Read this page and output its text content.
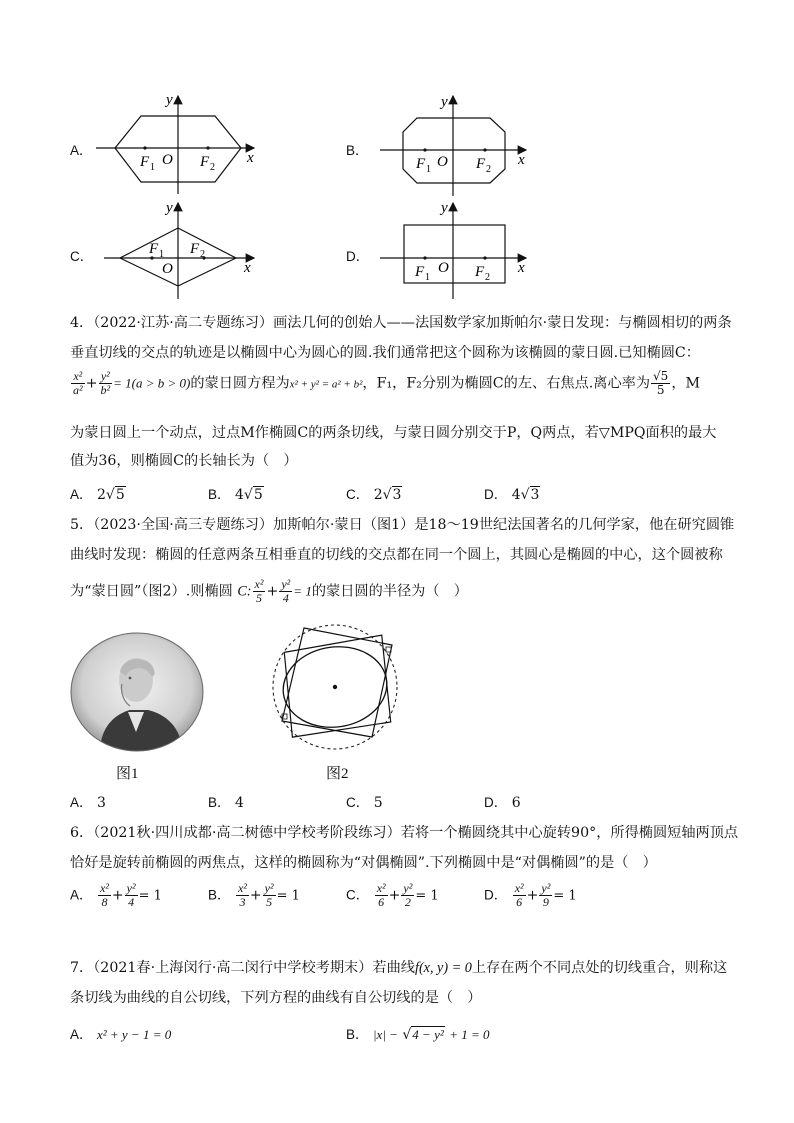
A．
y
x
O
F 1	F 2
B．
y
x
O
F 1	F 2
C．
y
x
O
F 1 F 2	D．
y
x
O
F 1	F 2
4．（2022·江苏·高二专题练习）画法几何的创始人——法国数学家加斯帕尔·蒙日发现：与椭圆相切的两条
垂直切线的交点的轨迹是以椭圆中心为圆心的圆.我们通常把这个圆称为该椭圆的蒙日圆.已知椭圆C：
$\frac{\text{x²}}{\text{a²}} + \frac{\text{y²}}{\text{b²}} = 1(a > b > 0)$的蒙日圆方程为x² + y² = a² + b²，F₁，F₂分别为椭圆C的左、右焦点.离心率为 $\frac{√5}{5}$ ，M
为蒙日圆上一个动点，过点M作椭圆C的两条切线，与蒙日圆分别交于P，Q两点，若▽MPQ面积的最大
值为36，则椭圆C的长轴长为（　）
A． 2√5	B． 4√5	C． 2√3	D． 4√3
5．（2023·全国·高三专题练习）加斯帕尔·蒙日（图1）是18～19世纪法国著名的几何学家，他在研究圆锥
曲线时发现：椭圆的任意两条互相垂直的切线的交点都在同一个圆上，其圆心是椭圆的中心，这个圆被称
为“蒙日圆”（图2）.则椭圆 C: $\frac{\text{x²}}{5} + \frac{\text{y²}}{4} = 1$的蒙日圆的半径为（　）
图1	图2
A． 3	B． 4	C． 5	D． 6
6．（2021秋·四川成都·高二树德中学校考阶段练习）若将一个椭圆绕其中心旋转90°，所得椭圆短轴两顶点
恰好是旋转前椭圆的两焦点，这样的椭圆称为“对偶椭圆”.下列椭圆中是“对偶椭圆”的是（　）
A． $\frac{\text{x²}}{8} + \frac{\text{y²}}{4} = 1$	B． $\frac{\text{x²}}{3} + \frac{\text{y²}}{5} = 1$	C． $\frac{\text{x²}}{6} + \frac{\text{y²}}{2} = 1$	D． $\frac{\text{x²}}{6} + \frac{\text{y²}}{9} = 1$
7．（2021春·上海闵行·高二闵行中学校考期末）若曲线f(x, y) = 0上存在两个不同点处的切线重合，则称这
条切线为曲线的自公切线，下列方程的曲线有自公切线的是（　）
A． x² + y − 1 = 0	B． |x| − √4 − y² + 1 = 0
